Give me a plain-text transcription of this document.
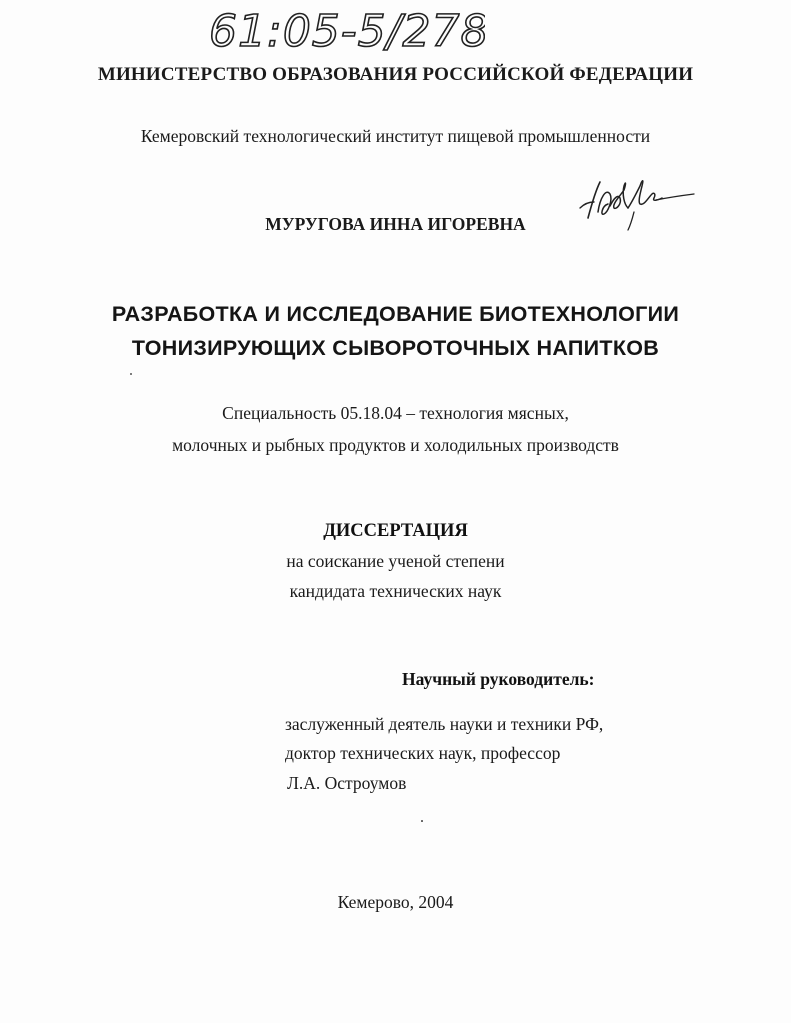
61:05-5/278
МИНИСТЕРСТВО ОБРАЗОВАНИЯ РОССИЙСКОЙ ФЕДЕРАЦИИ
Кемеровский технологический институт пищевой промышленности
МУРУГОВА ИННА ИГОРЕВНА
РАЗРАБОТКА И ИССЛЕДОВАНИЕ БИОТЕХНОЛОГИИ
ТОНИЗИРУЮЩИХ СЫВОРОТОЧНЫХ НАПИТКОВ
Специальность 05.18.04 – технология мясных,
молочных и рыбных продуктов и холодильных производств
ДИССЕРТАЦИЯ
на соискание ученой степени
кандидата технических наук
Научный руководитель:
заслуженный деятель науки и техники РФ,
доктор технических наук, профессор
Л.А. Остроумов
Кемерово, 2004
